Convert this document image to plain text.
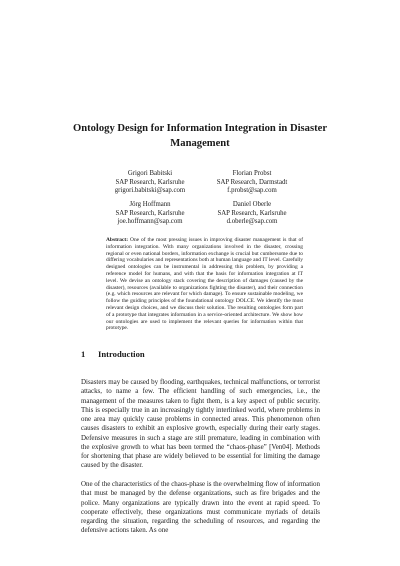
Ontology Design for Information Integration in Disaster Management
Grigori Babitski
SAP Research, Karlsruhe
grigori.babitski@sap.com
Florian Probst
SAP Research, Darmstadt
f.probst@sap.com
Jörg Hoffmann
SAP Research, Karlsruhe
joe.hoffmann@sap.com
Daniel Oberle
SAP Research, Karlsruhe
d.oberle@sap.com

Abstract: One of the most pressing issues in improving disaster management is that of information integration. With many organizations involved in the disaster, crossing regional or even national borders, information exchange is crucial but cumbersome due to differing vocabularies and representations both at human language and IT level. Carefully designed ontologies can be instrumental in addressing this problem, by providing a reference model for humans, and with that the basis for information integration at IT level. We devise an ontology stack covering the description of damages (caused by the disaster), resources (available to organizations fighting the disaster), and their connection (e.g. which resources are relevant for which damage). To ensure sustainable modeling, we follow the guiding principles of the foundational ontology DOLCE. We identify the most relevant design choices, and we discuss their solution. The resulting ontologies form part of a prototype that integrates information in a service-oriented architecture. We show how our ontologies are used to implement the relevant queries for information within that prototype.

1 Introduction

Disasters may be caused by flooding, earthquakes, technical malfunctions, or terrorist attacks, to name a few. The efficient handling of such emergencies, i.e., the management of the measures taken to fight them, is a key aspect of public security. This is especially true in an increasingly tightly interlinked world, where problems in one area may quickly cause problems in connected areas. This phenomenon often causes disasters to exhibit an explosive growth, especially during their early stages. Defensive measures in such a stage are still premature, leading in combination with the explosive growth to what has been termed the “chaos-phase” [Ven04]. Methods for shortening that phase are widely believed to be essential for limiting the damage caused by the disaster.

One of the characteristics of the chaos-phase is the overwhelming flow of information that must be managed by the defense organizations, such as fire brigades and the police. Many organizations are typically drawn into the event at rapid speed. To cooperate effectively, these organizations must communicate myriads of details regarding the situation, regarding the scheduling of resources, and regarding the defensive actions taken. As one
